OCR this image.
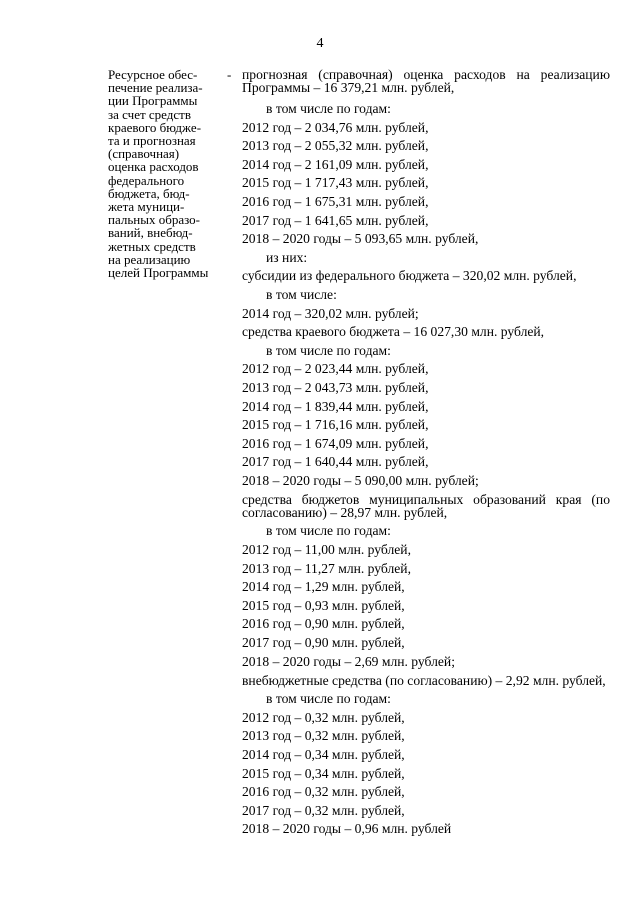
4
Ресурсное обес-
печение реализа-
ции Программы
за счет средств
краевого бюджe-
та и прогнозная
(справочная)
оценка расходов
федерального
бюджета, бюд-
жета муници-
пальных образо-
ваний, внебюд-
жетных средств
на реализацию
целей Программы
- прогнозная (справочная) оценка расходов на реализацию Программы – 16 379,21 млн. рублей,
в том числе по годам:
2012 год – 2 034,76 млн. рублей,
2013 год – 2 055,32 млн. рублей,
2014 год – 2 161,09 млн. рублей,
2015 год – 1 717,43 млн. рублей,
2016 год – 1 675,31 млн. рублей,
2017 год – 1 641,65 млн. рублей,
2018 – 2020 годы – 5 093,65 млн. рублей,
из них:
субсидии из федерального бюджета – 320,02 млн. рублей,
в том числе:
2014 год – 320,02 млн. рублей;
средства краевого бюджета – 16 027,30 млн. рублей,
в том числе по годам:
2012 год – 2 023,44 млн. рублей,
2013 год – 2 043,73 млн. рублей,
2014 год – 1 839,44 млн. рублей,
2015 год – 1 716,16 млн. рублей,
2016 год – 1 674,09 млн. рублей,
2017 год – 1 640,44 млн. рублей,
2018 – 2020 годы – 5 090,00 млн. рублей;
средства бюджетов муниципальных образований края (по согласованию) – 28,97 млн. рублей,
в том числе по годам:
2012 год – 11,00 млн. рублей,
2013 год – 11,27 млн. рублей,
2014 год – 1,29 млн. рублей,
2015 год – 0,93 млн. рублей,
2016 год – 0,90 млн. рублей,
2017 год – 0,90 млн. рублей,
2018 – 2020 годы – 2,69 млн. рублей;
внебюджетные средства (по согласованию) – 2,92 млн. рублей,
в том числе по годам:
2012 год – 0,32 млн. рублей,
2013 год – 0,32 млн. рублей,
2014 год – 0,34 млн. рублей,
2015 год – 0,34 млн. рублей,
2016 год – 0,32 млн. рублей,
2017 год – 0,32 млн. рублей,
2018 – 2020 годы – 0,96 млн. рублей
